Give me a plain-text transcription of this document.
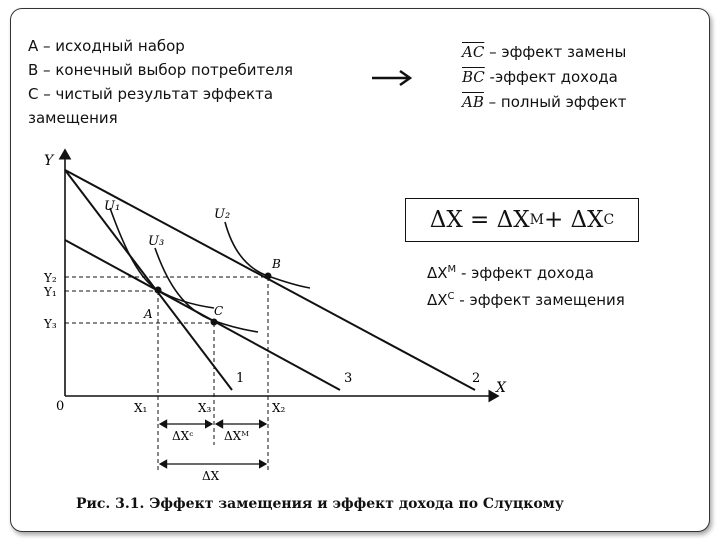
А – исходный набор
В – конечный выбор потребителя
С – чистый результат эффекта
замещения
$\overline{AC}$ – эффект замены
$\overline{BC}$ -эффект дохода
$\overline{AB}$ – полный эффект
ΔX = ΔX M + ΔX C
$\Delta X^M$ - эффект дохода
$\Delta X^C$ - эффект замещения
Y
X
0
U₁
U₂
U₃
A
B
C
1	2
3
Y₂
Y₁
Y₃
X₁	X₃	X₂
ΔXᶜ	ΔXᴹ
ΔX
Рис. 3.1. Эффект замещения и эффект дохода по Слуцкому
